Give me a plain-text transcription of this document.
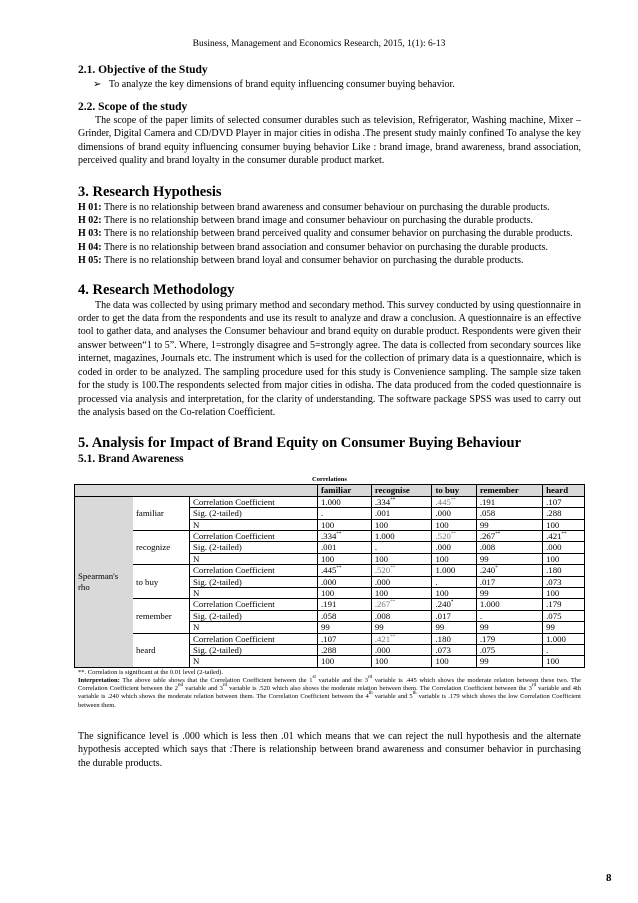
Business, Management and Economics Research, 2015, 1(1): 6-13
2.1. Objective of the Study
➢ To analyze the key dimensions of brand equity influencing consumer buying behavior.
2.2. Scope of the study

The scope of the paper limits of selected consumer durables such as television, Refrigerator, Washing machine, Mixer –Grinder, Digital Camera and CD/DVD Player in major cities in odisha .The present study mainly confined To analyse the key dimensions of brand equity influencing consumer buying behavior Like : brand image, brand awareness, brand association, perceived quality and brand loyalty in the consumer durable product market.

3. Research Hypothesis

H 01: There is no relationship between brand awareness and consumer behaviour on purchasing the durable products.

H 02: There is no relationship between brand image and consumer behaviour on purchasing the durable products.

H 03: There is no relationship between brand perceived quality and consumer behavior on purchasing the durable products.

H 04: There is no relationship between brand association and consumer behavior on purchasing the durable products.

H 05: There is no relationship between brand loyal and consumer behavior on purchasing the durable products.

4. Research Methodology

The data was collected by using primary method and secondary method. This survey conducted by using questionnaire in order to get the data from the respondents and use its result to analyze and draw a conclusion. A questionnaire is an effective tool to gather data, and analyses the Consumer behaviour and brand equity on durable product. Respondents were given their answer between“1 to 5”. Where, 1=strongly disagree and 5=strongly agree. The data is collected from secondary sources like internet, magazines, Journals etc. The instrument which is used for the collection of primary data is a questionnaire, which is coded in order to be analyzed. The sampling procedure used for this study is Convenience sampling. The sample size taken for the study is 100.The respondents selected from major cities in odisha. The data produced from the coded questionnaire is processed via analysis and interpretation, for the clarity of understanding. The software package SPSS was used to carry out the analysis based on the Co-relation Coefficient.

5. Analysis for Impact of Brand Equity on Consumer Buying Behaviour
5.1. Brand Awareness
Correlations
			familiar	recognise	to buy	remember	heard
Spearman's rho	familiar	Correlation Coefficient	1.000	.334**	.445**	.191	.107
		Sig. (2-tailed)	.	.001	.000	.058	.288
		N	100	100	100	99	100
	recognize	Correlation Coefficient	.334**	1.000	.520**	.267**	.421**
		Sig. (2-tailed)	.001	.	.000	.008	.000
		N	100	100	100	99	100
	to buy	Correlation Coefficient	.445**	.520**	1.000	.240*	.180
		Sig. (2-tailed)	.000	.000	.	.017	.073
		N	100	100	100	99	100
	remember	Correlation Coefficient	.191	.267**	.240*	1.000	.179
		Sig. (2-tailed)	.058	.008	.017	.	.075
		N	99	99	99	99	99
	heard	Correlation Coefficient	.107	.421**	.180	.179	1.000
		Sig. (2-tailed)	.288	.000	.073	.075	.
		N	100	100	100	99	100
**. Correlation is significant at the 0.01 level (2-tailed).
Interpretation: The above table shows that the Correlation Coefficient between the 1st variable and the 3rd variable is .445 which shows the moderate relation between these two. The Correlation Coefficient between the 2nd variable and 3rd variable is .520 which also shows the moderate relation between them. The Correlation Coefficient between the 3rd variable and 4th variable is .240 which shows the moderate relation between them. The Correlation Coefficient between the 4th variable and 5th variable is .179 which shows the low Correlation Coefficient between them.

The significance level is .000 which is less then .01 which means that we can reject the null hypothesis and the alternate hypothesis accepted which says that :There is relationship between brand awareness and consumer behavior in purchasing the durable products.

8
